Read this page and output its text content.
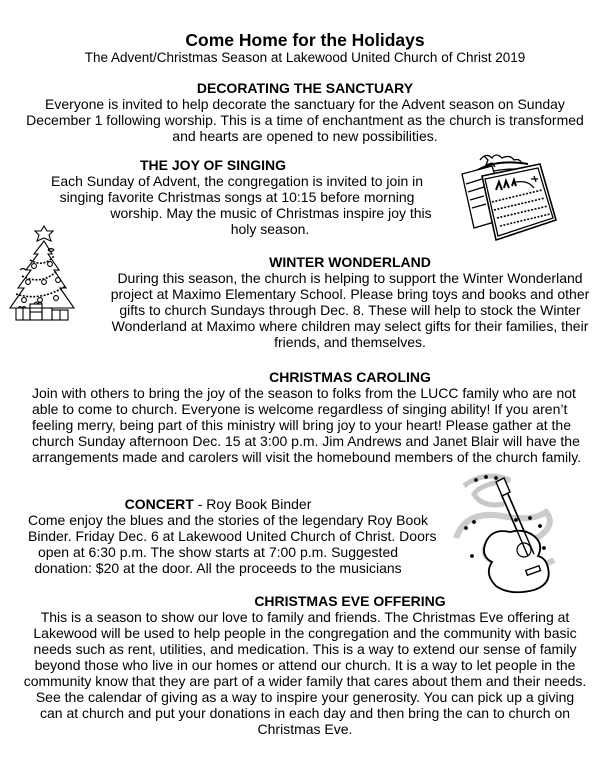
Come Home for the Holidays
The Advent/Christmas Season at Lakewood United Church of Christ 2019
DECORATING THE SANCTUARY
Everyone is invited to help decorate the sanctuary for the Advent season on Sunday
December 1 following worship. This is a time of enchantment as the church is transformed
and hearts are opened to new possibilities.
THE JOY OF SINGING
Each Sunday of Advent, the congregation is invited to join in
singing favorite Christmas songs at 10:15 before morning
worship. May the music of Christmas inspire joy this
holy season.
WINTER WONDERLAND
During this season, the church is helping to support the Winter Wonderland
project at Maximo Elementary School. Please bring toys and books and other
gifts to church Sundays through Dec. 8. These will help to stock the Winter
Wonderland at Maximo where children may select gifts for their families, their
friends, and themselves.
CHRISTMAS CAROLING
Join with others to bring the joy of the season to folks from the LUCC family who are not
able to come to church. Everyone is welcome regardless of singing ability! If you aren’t
feeling merry, being part of this ministry will bring joy to your heart! Please gather at the
church Sunday afternoon Dec. 15 at 3:00 p.m. Jim Andrews and Janet Blair will have the
arrangements made and carolers will visit the homebound members of the church family.
CONCERT - Roy Book Binder
Come enjoy the blues and the stories of the legendary Roy Book
Binder. Friday Dec. 6 at Lakewood United Church of Christ. Doors
open at 6:30 p.m. The show starts at 7:00 p.m. Suggested
donation: $20 at the door. All the proceeds to the musicians
CHRISTMAS EVE OFFERING
This is a season to show our love to family and friends. The Christmas Eve offering at
Lakewood will be used to help people in the congregation and the community with basic
needs such as rent, utilities, and medication. This is a way to extend our sense of family
beyond those who live in our homes or attend our church. It is a way to let people in the
community know that they are part of a wider family that cares about them and their needs.
See the calendar of giving as a way to inspire your generosity. You can pick up a giving
can at church and put your donations in each day and then bring the can to church on
Christmas Eve.
